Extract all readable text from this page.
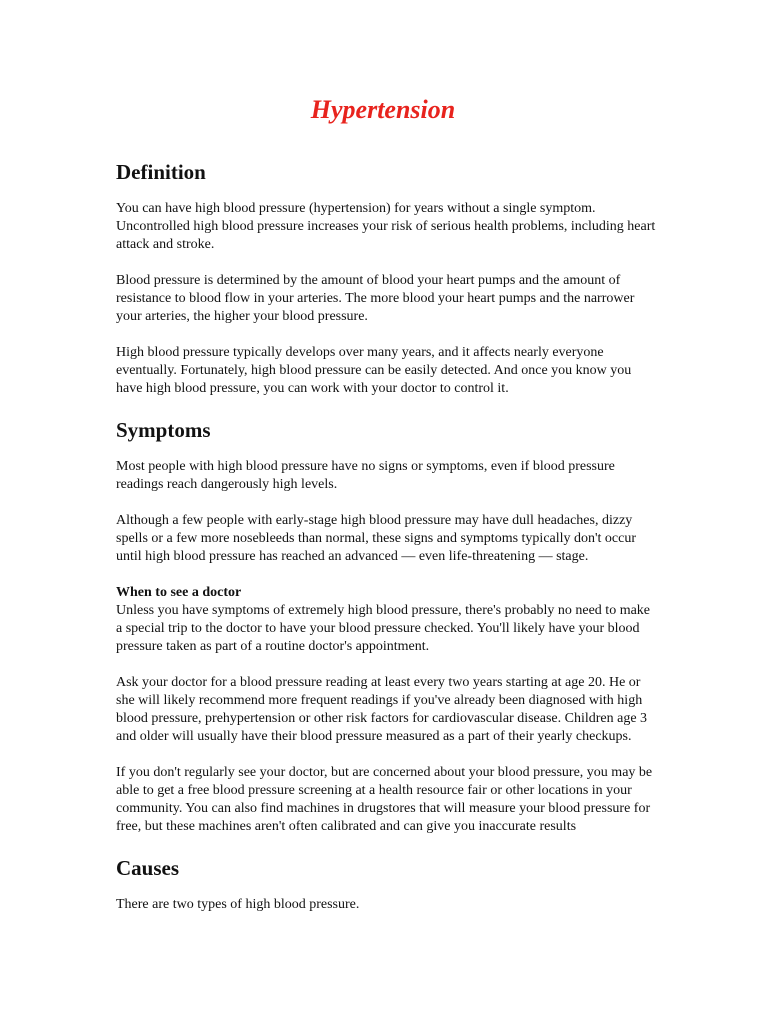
Hypertension
Definition

You can have high blood pressure (hypertension) for years without a single symptom. Uncontrolled high blood pressure increases your risk of serious health problems, including heart attack and stroke.

Blood pressure is determined by the amount of blood your heart pumps and the amount of resistance to blood flow in your arteries. The more blood your heart pumps and the narrower your arteries, the higher your blood pressure.

High blood pressure typically develops over many years, and it affects nearly everyone eventually. Fortunately, high blood pressure can be easily detected. And once you know you have high blood pressure, you can work with your doctor to control it.

Symptoms

Most people with high blood pressure have no signs or symptoms, even if blood pressure readings reach dangerously high levels.

Although a few people with early-stage high blood pressure may have dull headaches, dizzy spells or a few more nosebleeds than normal, these signs and symptoms typically don't occur until high blood pressure has reached an advanced — even life-threatening — stage.

When to see a doctor
Unless you have symptoms of extremely high blood pressure, there's probably no need to make a special trip to the doctor to have your blood pressure checked. You'll likely have your blood pressure taken as part of a routine doctor's appointment.

Ask your doctor for a blood pressure reading at least every two years starting at age 20. He or she will likely recommend more frequent readings if you've already been diagnosed with high blood pressure, prehypertension or other risk factors for cardiovascular disease. Children age 3 and older will usually have their blood pressure measured as a part of their yearly checkups.

If you don't regularly see your doctor, but are concerned about your blood pressure, you may be able to get a free blood pressure screening at a health resource fair or other locations in your community. You can also find machines in drugstores that will measure your blood pressure for free, but these machines aren't often calibrated and can give you inaccurate results

Causes

There are two types of high blood pressure.
